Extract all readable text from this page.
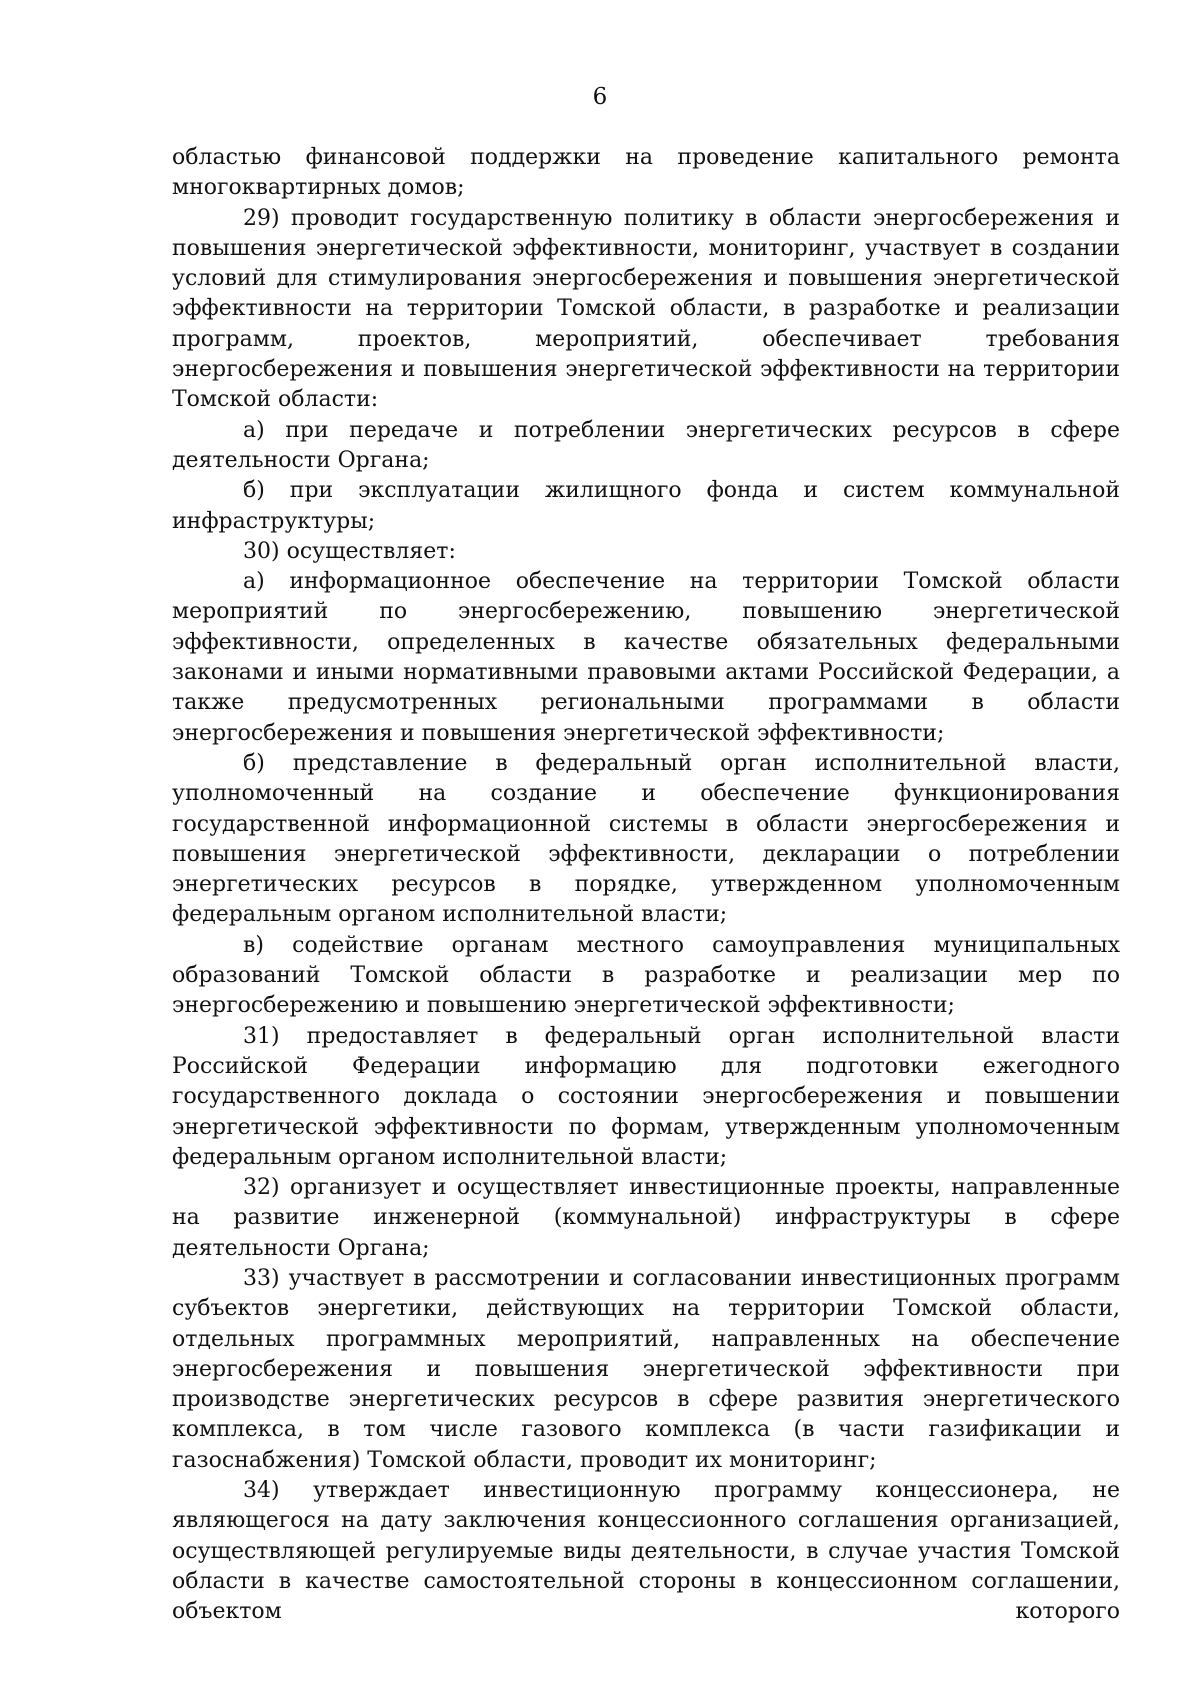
6

областью финансовой поддержки на проведение капитального ремонта многоквартирных домов;

29) проводит государственную политику в области энергосбережения и повышения энергетической эффективности, мониторинг, участвует в создании условий для стимулирования энергосбережения и повышения энергетической эффективности на территории Томской области, в разработке и реализации программ, проектов, мероприятий, обеспечивает требования энергосбережения и повышения энергетической эффективности на территории Томской области:

а) при передаче и потреблении энергетических ресурсов в сфере деятельности Органа;

б) при эксплуатации жилищного фонда и систем коммунальной инфраструктуры;

30) осуществляет:

а) информационное обеспечение на территории Томской области мероприятий по энергосбережению, повышению энергетической эффективности, определенных в качестве обязательных федеральными законами и иными нормативными правовыми актами Российской Федерации, а также предусмотренных региональными программами в области энергосбережения и повышения энергетической эффективности;

б) представление в федеральный орган исполнительной власти, уполномоченный на создание и обеспечение функционирования государственной информационной системы в области энергосбережения и повышения энергетической эффективности, декларации о потреблении энергетических ресурсов в порядке, утвержденном уполномоченным федеральным органом исполнительной власти;

в) содействие органам местного самоуправления муниципальных образований Томской области в разработке и реализации мер по энергосбережению и повышению энергетической эффективности;

31) предоставляет в федеральный орган исполнительной власти Российской Федерации информацию для подготовки ежегодного государственного доклада о состоянии энергосбережения и повышении энергетической эффективности по формам, утвержденным уполномоченным федеральным органом исполнительной власти;

32) организует и осуществляет инвестиционные проекты, направленные на развитие инженерной (коммунальной) инфраструктуры в сфере деятельности Органа;

33) участвует в рассмотрении и согласовании инвестиционных программ субъектов энергетики, действующих на территории Томской области, отдельных программных мероприятий, направленных на обеспечение энергосбережения и повышения энергетической эффективности при производстве энергетических ресурсов в сфере развития энергетического комплекса, в том числе газового комплекса (в части газификации и газоснабжения) Томской области, проводит их мониторинг;

34) утверждает инвестиционную программу концессионера, не являющегося на дату заключения концессионного соглашения организацией, осуществляющей регулируемые виды деятельности, в случае участия Томской области в качестве самостоятельной стороны в концессионном соглашении, объектом которого
